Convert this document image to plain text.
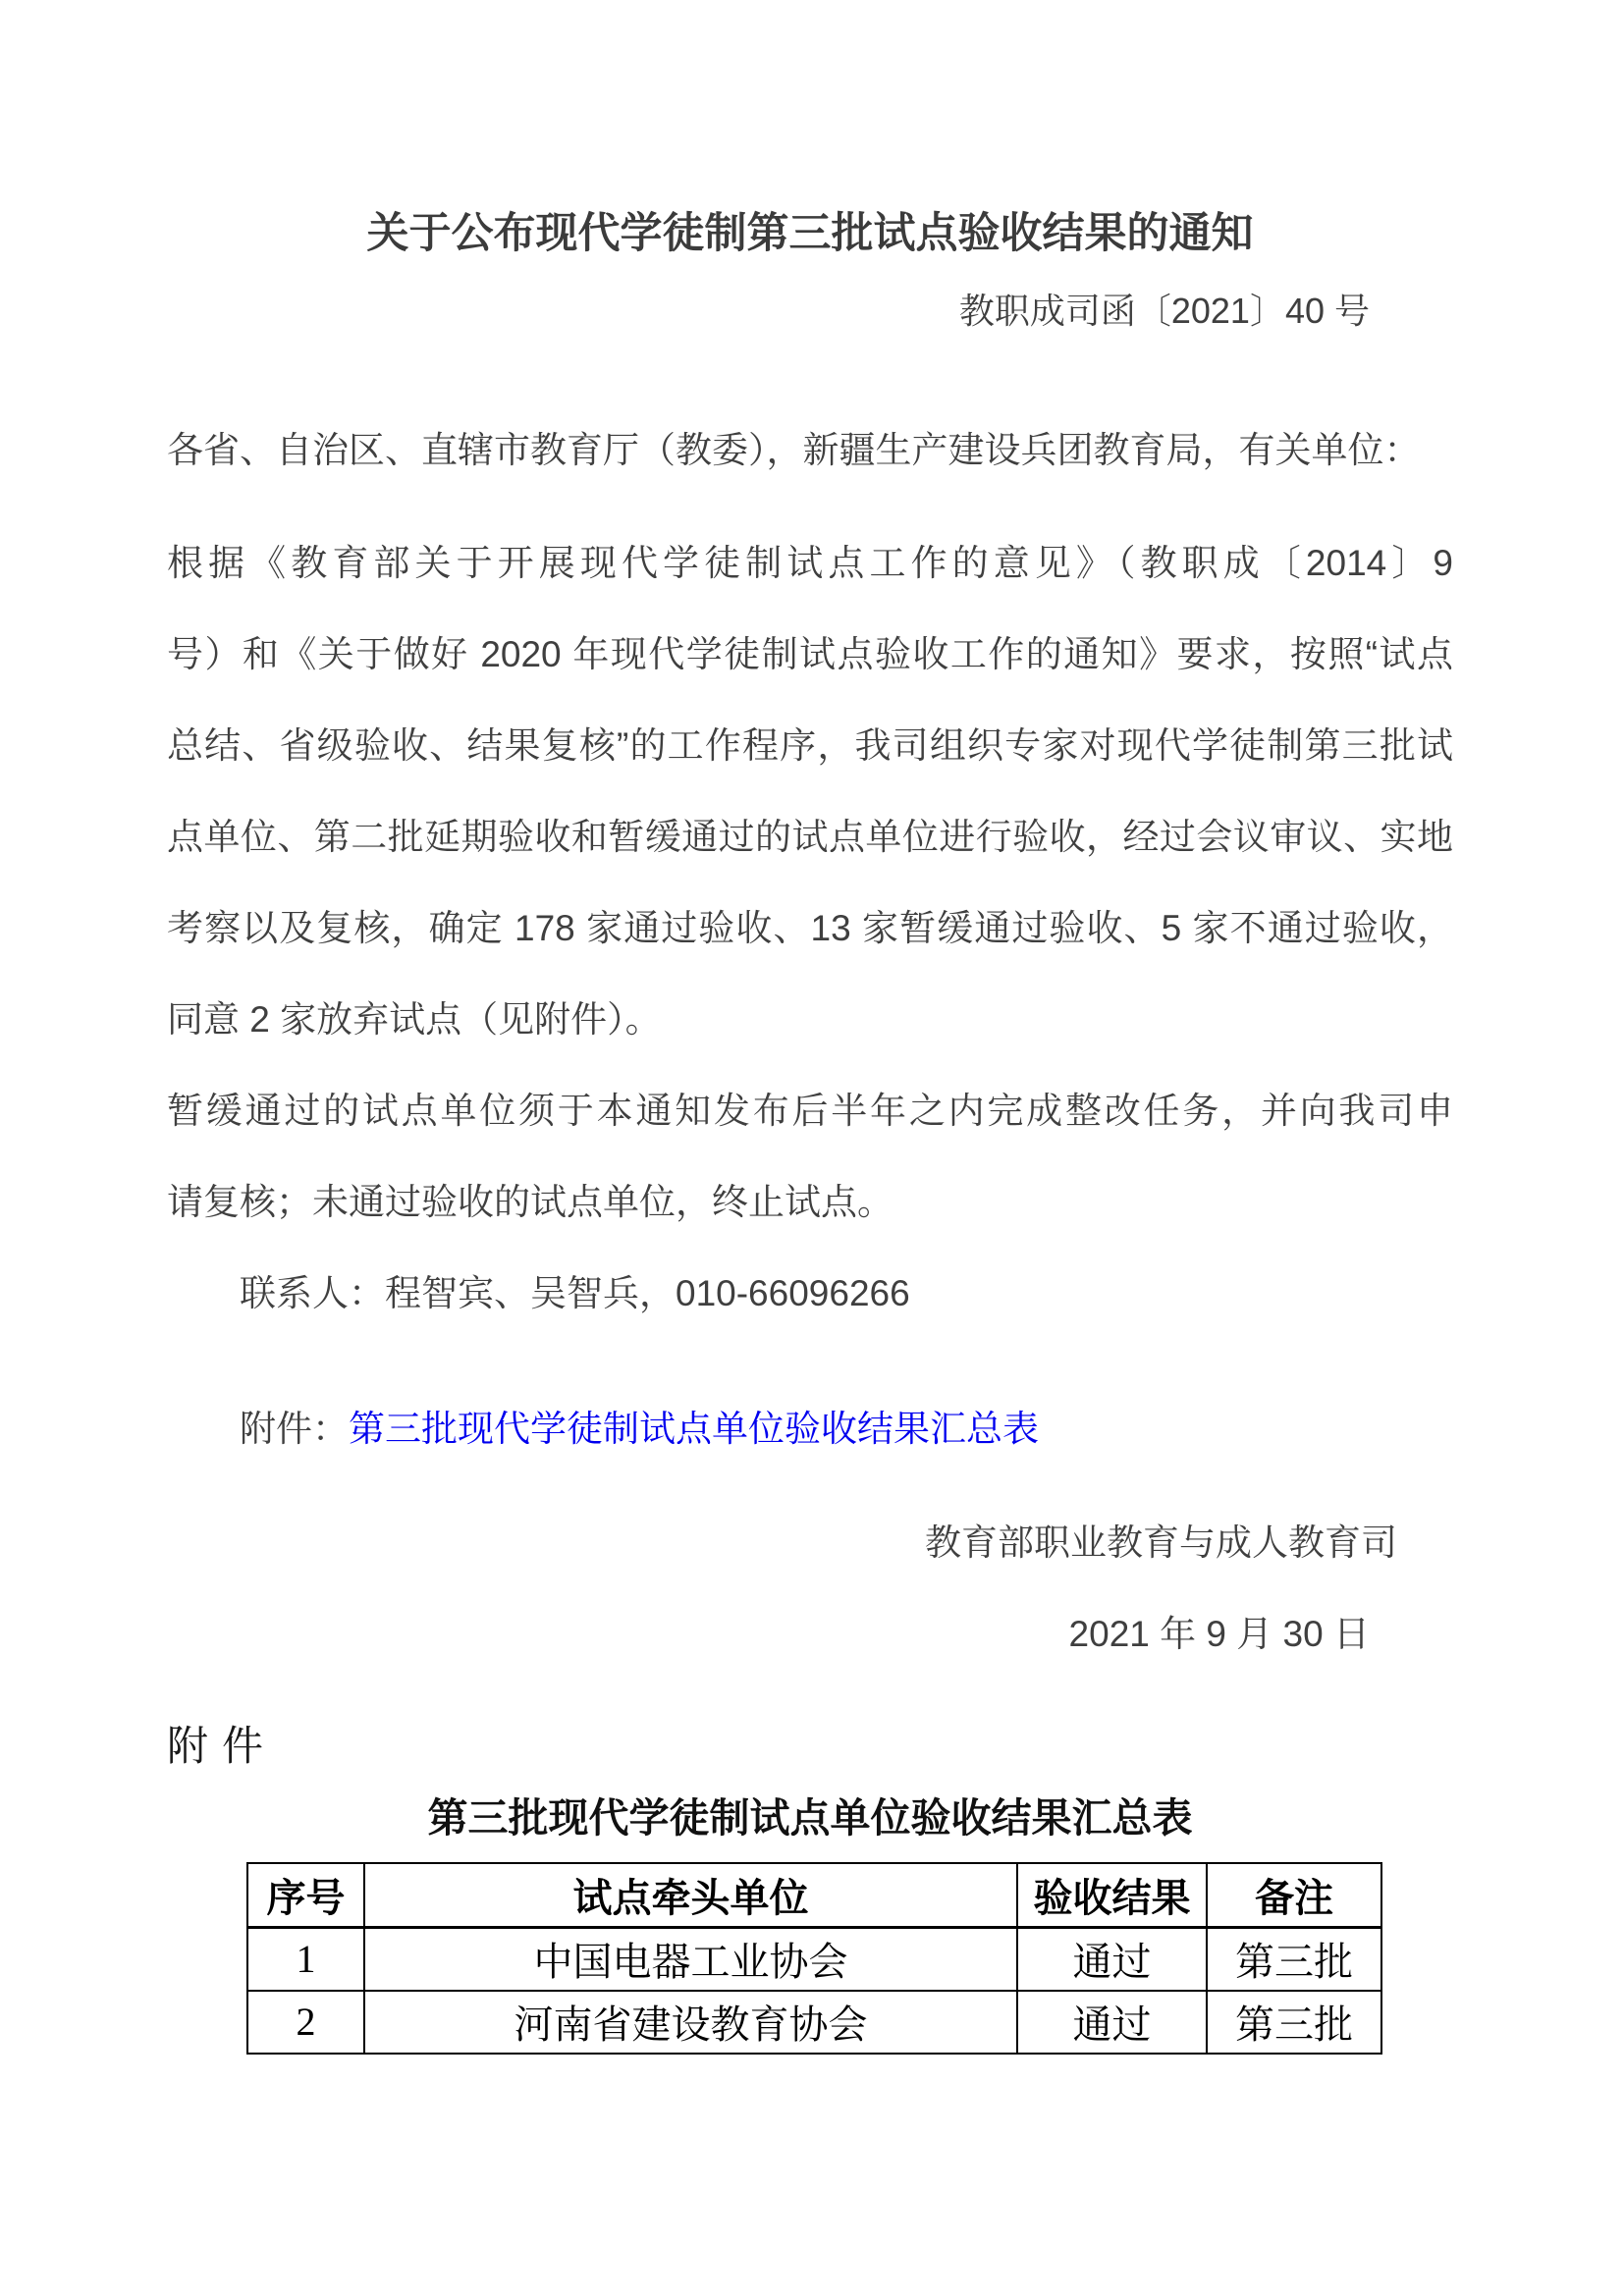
关于公布现代学徒制第三批试点验收结果的通知
教职成司函〔2021〕40 号
各省、自治区、直辖市教育厅（教委），新疆生产建设兵团教育局，有关单位：
根据《教育部关于开展现代学徒制试点工作的意见》（教职成〔2014〕9
号）和《关于做好 2020 年现代学徒制试点验收工作的通知》要求，按照“试点
总结、省级验收、结果复核”的工作程序，我司组织专家对现代学徒制第三批试
点单位、第二批延期验收和暂缓通过的试点单位进行验收，经过会议审议、实地
考察以及复核，确定 178 家通过验收、13 家暂缓通过验收、5 家不通过验收，
同意 2 家放弃试点（见附件）。
暂缓通过的试点单位须于本通知发布后半年之内完成整改任务，并向我司申
请复核；未通过验收的试点单位，终止试点。
联系人：程智宾、吴智兵，010-66096266
附件：第三批现代学徒制试点单位验收结果汇总表
教育部职业教育与成人教育司
2021 年 9 月 30 日
附件
第三批现代学徒制试点单位验收结果汇总表
序号	试点牵头单位	验收结果	备注
1	中国电器工业协会	通过	第三批
2	河南省建设教育协会	通过	第三批
